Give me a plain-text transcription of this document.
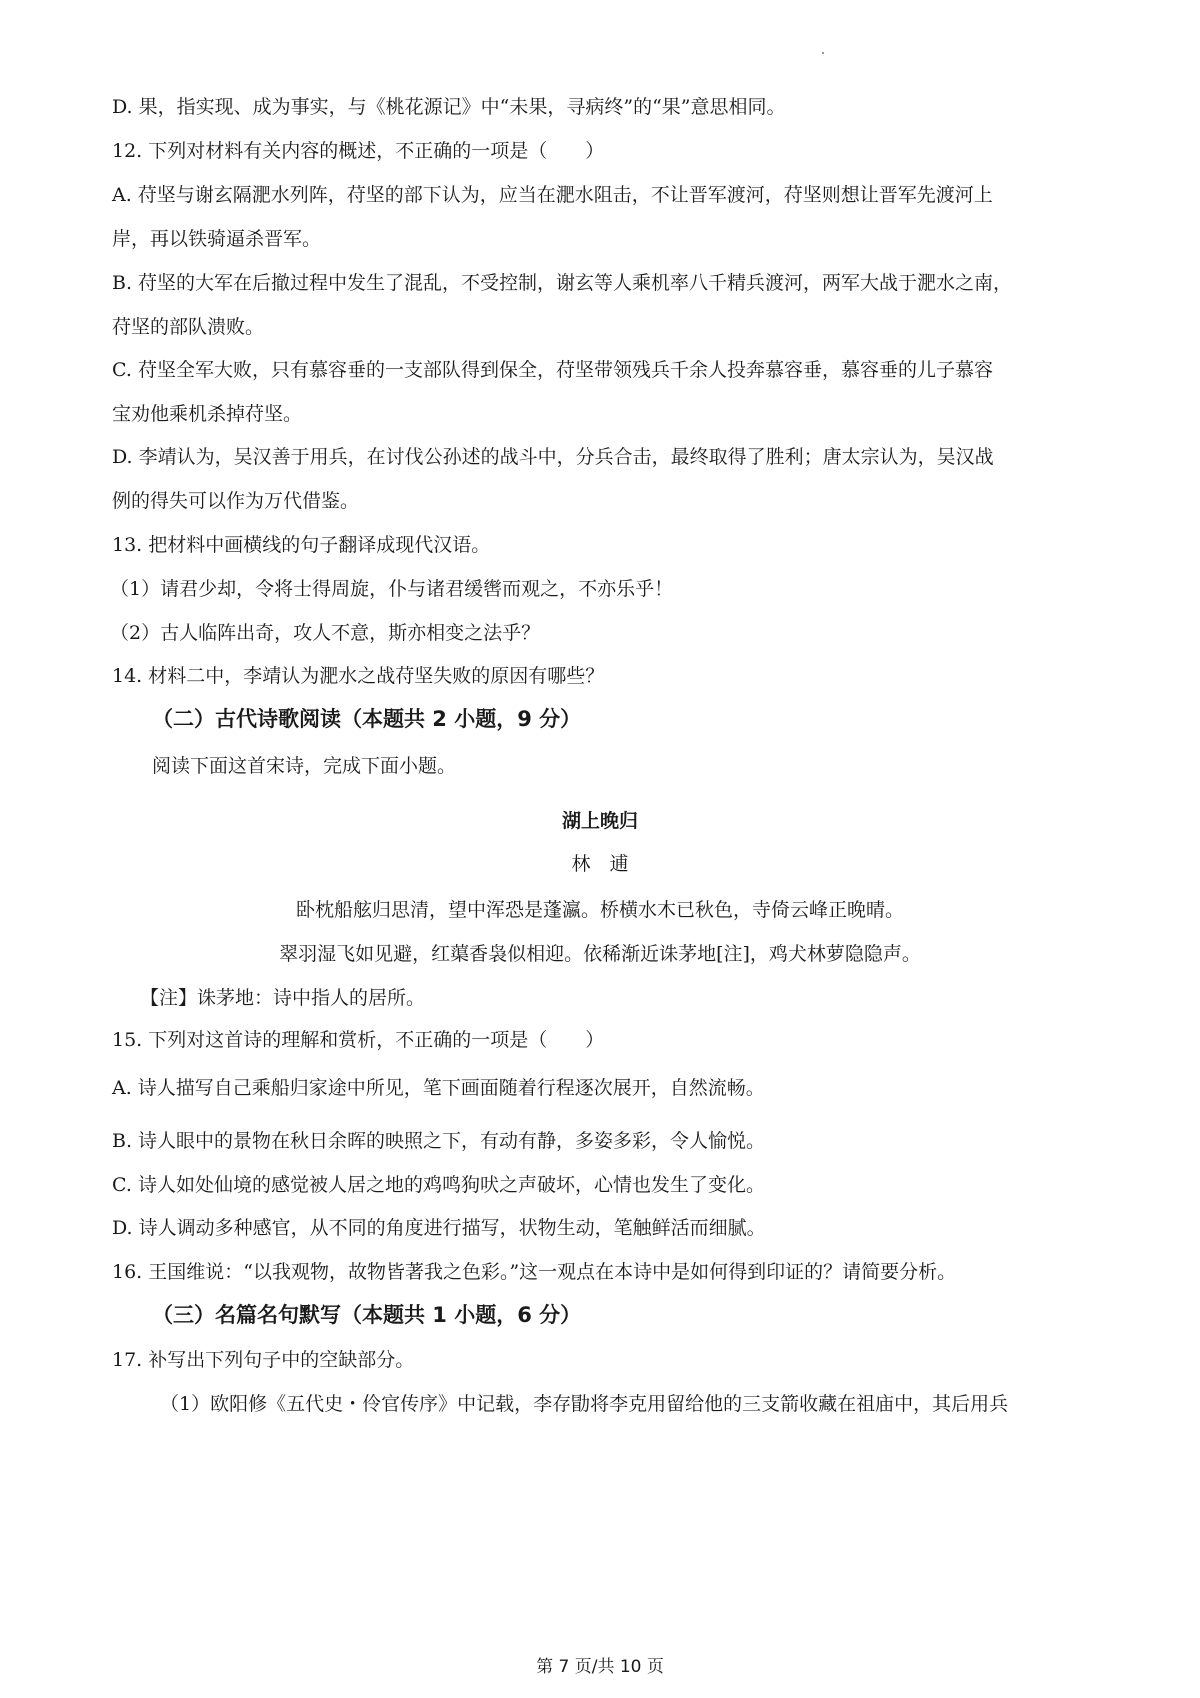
D. 果，指实现、成为事实，与《桃花源记》中“未果，寻病终”的“果”意思相同。
12. 下列对材料有关内容的概述，不正确的一项是（　　）
A. 苻坚与谢玄隔淝水列阵，苻坚的部下认为，应当在淝水阻击，不让晋军渡河，苻坚则想让晋军先渡河上
岸，再以铁骑逼杀晋军。
B. 苻坚的大军在后撤过程中发生了混乱，不受控制，谢玄等人乘机率八千精兵渡河，两军大战于淝水之南，
苻坚的部队溃败。
C. 苻坚全军大败，只有慕容垂的一支部队得到保全，苻坚带领残兵千余人投奔慕容垂，慕容垂的儿子慕容
宝劝他乘机杀掉苻坚。
D. 李靖认为，吴汉善于用兵，在讨伐公孙述的战斗中，分兵合击，最终取得了胜利；唐太宗认为，吴汉战
例的得失可以作为万代借鉴。
13. 把材料中画横线的句子翻译成现代汉语。
（1）请君少却，令将士得周旋，仆与诸君缓辔而观之，不亦乐乎！
（2）古人临阵出奇，攻人不意，斯亦相变之法乎？
14. 材料二中，李靖认为淝水之战苻坚失败的原因有哪些？
（二）古代诗歌阅读（本题共 2 小题，9 分）
阅读下面这首宋诗，完成下面小题。
湖上晚归
林　逋
卧枕船舷归思清，望中浑恐是蓬瀛。桥横水木已秋色，寺倚云峰正晚晴。
翠羽湿飞如见避，红蕖香袅似相迎。依稀渐近诛茅地[注]，鸡犬林萝隐隐声。
【注】诛茅地：诗中指人的居所。
15. 下列对这首诗的理解和赏析，不正确的一项是（　　）
A. 诗人描写自己乘船归家途中所见，笔下画面随着行程逐次展开，自然流畅。
B. 诗人眼中的景物在秋日余晖的映照之下，有动有静，多姿多彩，令人愉悦。
C. 诗人如处仙境的感觉被人居之地的鸡鸣狗吠之声破坏，心情也发生了变化。
D. 诗人调动多种感官，从不同的角度进行描写，状物生动，笔触鲜活而细腻。
16. 王国维说：“以我观物，故物皆著我之色彩。”这一观点在本诗中是如何得到印证的？请简要分析。
（三）名篇名句默写（本题共 1 小题，6 分）
17. 补写出下列句子中的空缺部分。
（1）欧阳修《五代史・伶官传序》中记载，李存勖将李克用留给他的三支箭收藏在祖庙中，其后用兵
第 7 页/共 10 页
